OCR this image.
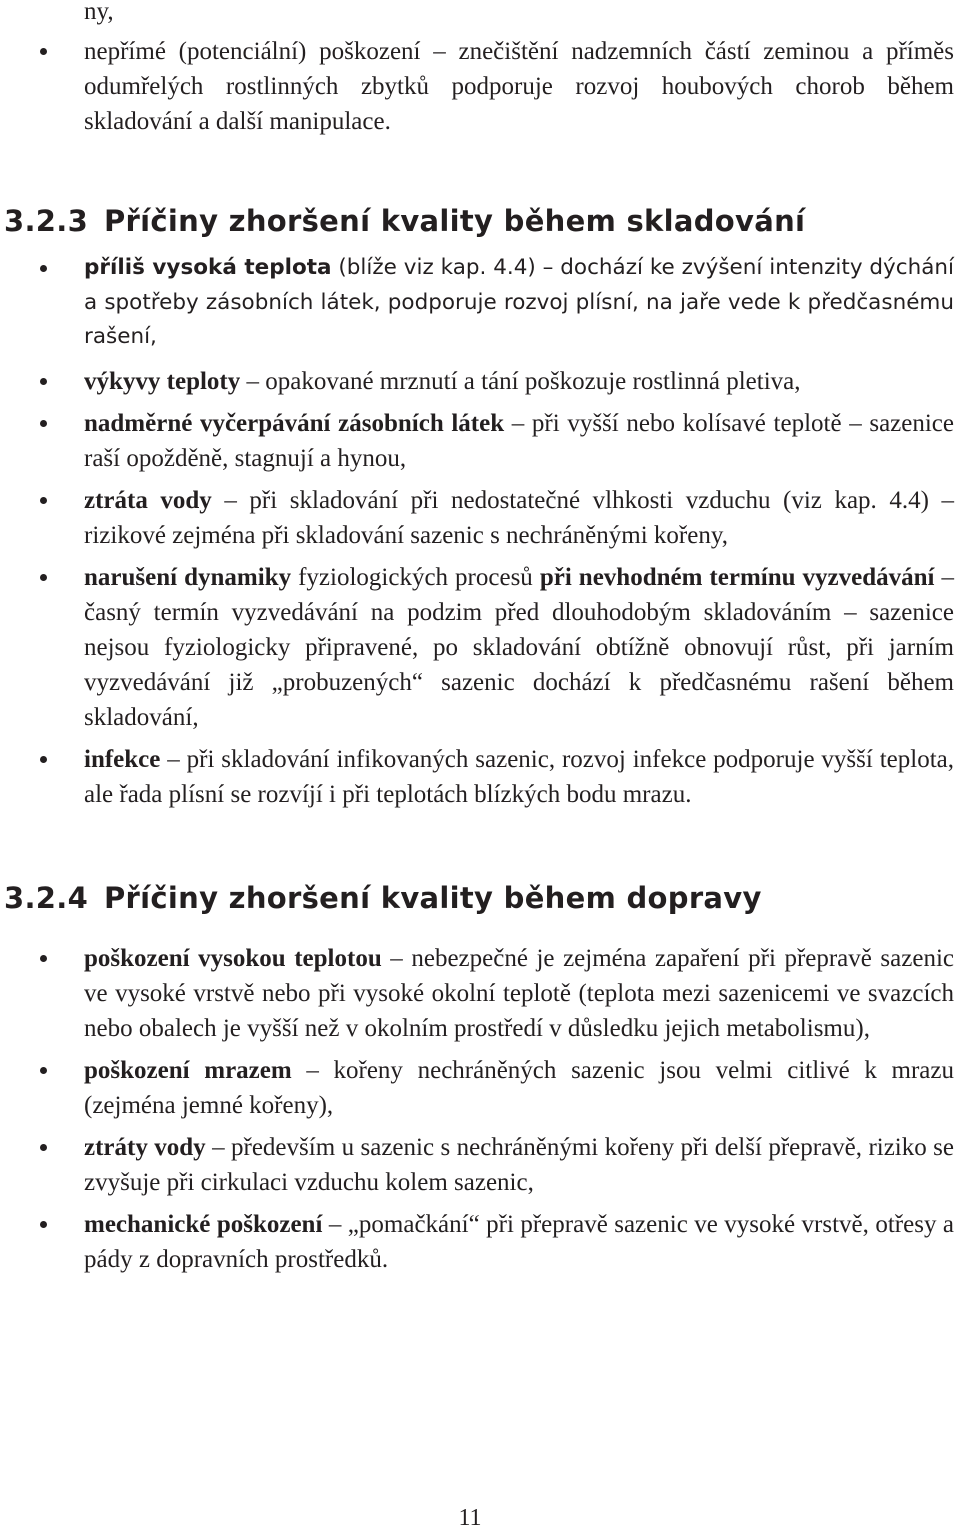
ny,
nepřímé (potenciální) poškození – znečištění nadzemních částí zeminou a příměs odumřelých rostlinných zbytků podporuje rozvoj houbových chorob během skladování a další manipulace.
3.2.3 Příčiny zhoršení kvality během skladování
příliš vysoká teplota (blíže viz kap. 4.4) – dochází ke zvýšení intenzity dýchání a spotřeby zásobních látek, podporuje rozvoj plísní, na jaře vede k předčasnému rašení,
výkyvy teploty – opakované mrznutí a tání poškozuje rostlinná pletiva,
nadměrné vyčerpávání zásobních látek – při vyšší nebo kolísavé teplotě – sazenice raší opožděně, stagnují a hynou,
ztráta vody – při skladování při nedostatečné vlhkosti vzduchu (viz kap. 4.4) – rizikové zejména při skladování sazenic s nechráněnými kořeny,
narušení dynamiky fyziologických procesů při nevhodném termínu vyzvedávání – časný termín vyzvedávání na podzim před dlouhodobým skladováním – sazenice nejsou fyziologicky připravené, po skladování obtížně obnovují růst, při jarním vyzvedávání již „probuzených“ sazenic dochází k předčasnému rašení během skladování,
infekce – při skladování infikovaných sazenic, rozvoj infekce podporuje vyšší teplota, ale řada plísní se rozvíjí i při teplotách blízkých bodu mrazu.
3.2.4 Příčiny zhoršení kvality během dopravy
poškození vysokou teplotou – nebezpečné je zejména zapaření při přepravě sazenic ve vysoké vrstvě nebo při vysoké okolní teplotě (teplota mezi sazenicemi ve svazcích nebo obalech je vyšší než v okolním prostředí v důsledku jejich metabolismu),
poškození mrazem – kořeny nechráněných sazenic jsou velmi citlivé k mrazu (zejména jemné kořeny),
ztráty vody – především u sazenic s nechráněnými kořeny při delší přepravě, riziko se zvyšuje při cirkulaci vzduchu kolem sazenic,
mechanické poškození – „pomačkání“ při přepravě sazenic ve vysoké vrstvě, otřesy a pády z dopravních prostředků.
11
